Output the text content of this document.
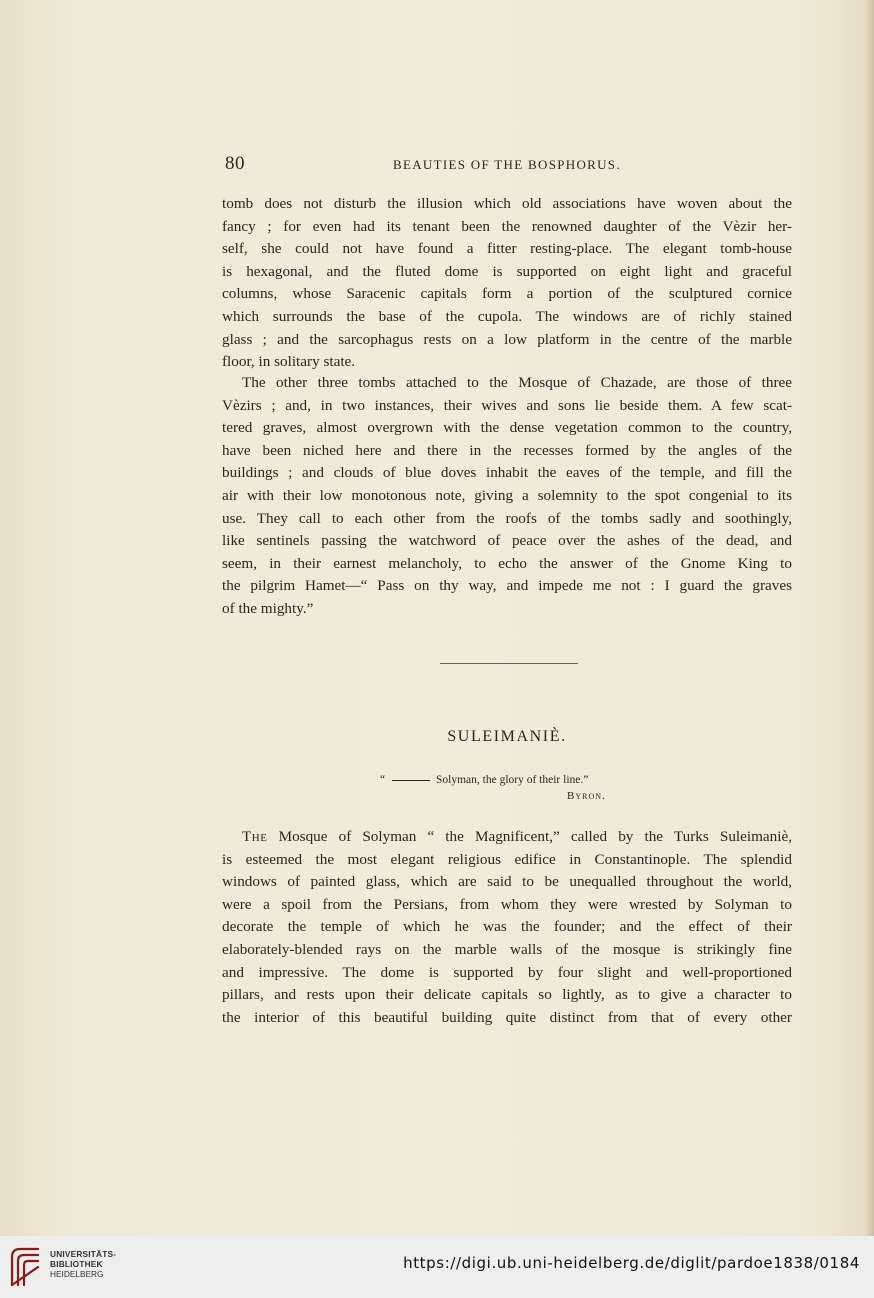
80	BEAUTIES OF THE BOSPHORUS.
tomb does not disturb the illusion which old associations have woven about the
fancy ; for even had its tenant been the renowned daughter of the Vèzir her-
self, she could not have found a fitter resting-place. The elegant tomb-house
is hexagonal, and the fluted dome is supported on eight light and graceful
columns, whose Saracenic capitals form a portion of the sculptured cornice
which surrounds the base of the cupola. The windows are of richly stained
glass ; and the sarcophagus rests on a low platform in the centre of the marble
floor, in solitary state.
The other three tombs attached to the Mosque of Chazade, are those of three
Vèzirs ; and, in two instances, their wives and sons lie beside them. A few scat-
tered graves, almost overgrown with the dense vegetation common to the country,
have been niched here and there in the recesses formed by the angles of the
buildings ; and clouds of blue doves inhabit the eaves of the temple, and fill the
air with their low monotonous note, giving a solemnity to the spot congenial to its
use. They call to each other from the roofs of the tombs sadly and soothingly,
like sentinels passing the watchword of peace over the ashes of the dead, and
seem, in their earnest melancholy, to echo the answer of the Gnome King to
the pilgrim Hamet—“ Pass on thy way, and impede me not : I guard the graves
of the mighty.”
SULEIMANIÈ.
“	Solyman, the glory of their line.”
Byron.
The Mosque of Solyman “ the Magnificent,” called by the Turks Suleimaniè,
is esteemed the most elegant religious edifice in Constantinople. The splendid
windows of painted glass, which are said to be unequalled throughout the world,
were a spoil from the Persians, from whom they were wrested by Solyman to
decorate the temple of which he was the founder; and the effect of their
elaborately-blended rays on the marble walls of the mosque is strikingly fine
and impressive. The dome is supported by four slight and well-proportioned
pillars, and rests upon their delicate capitals so lightly, as to give a character to
the interior of this beautiful building quite distinct from that of every other
UNIVERSITÄTS-
BIBLIOTHEK
HEIDELBERG
https://digi.ub.uni-heidelberg.de/diglit/pardoe1838/0184
